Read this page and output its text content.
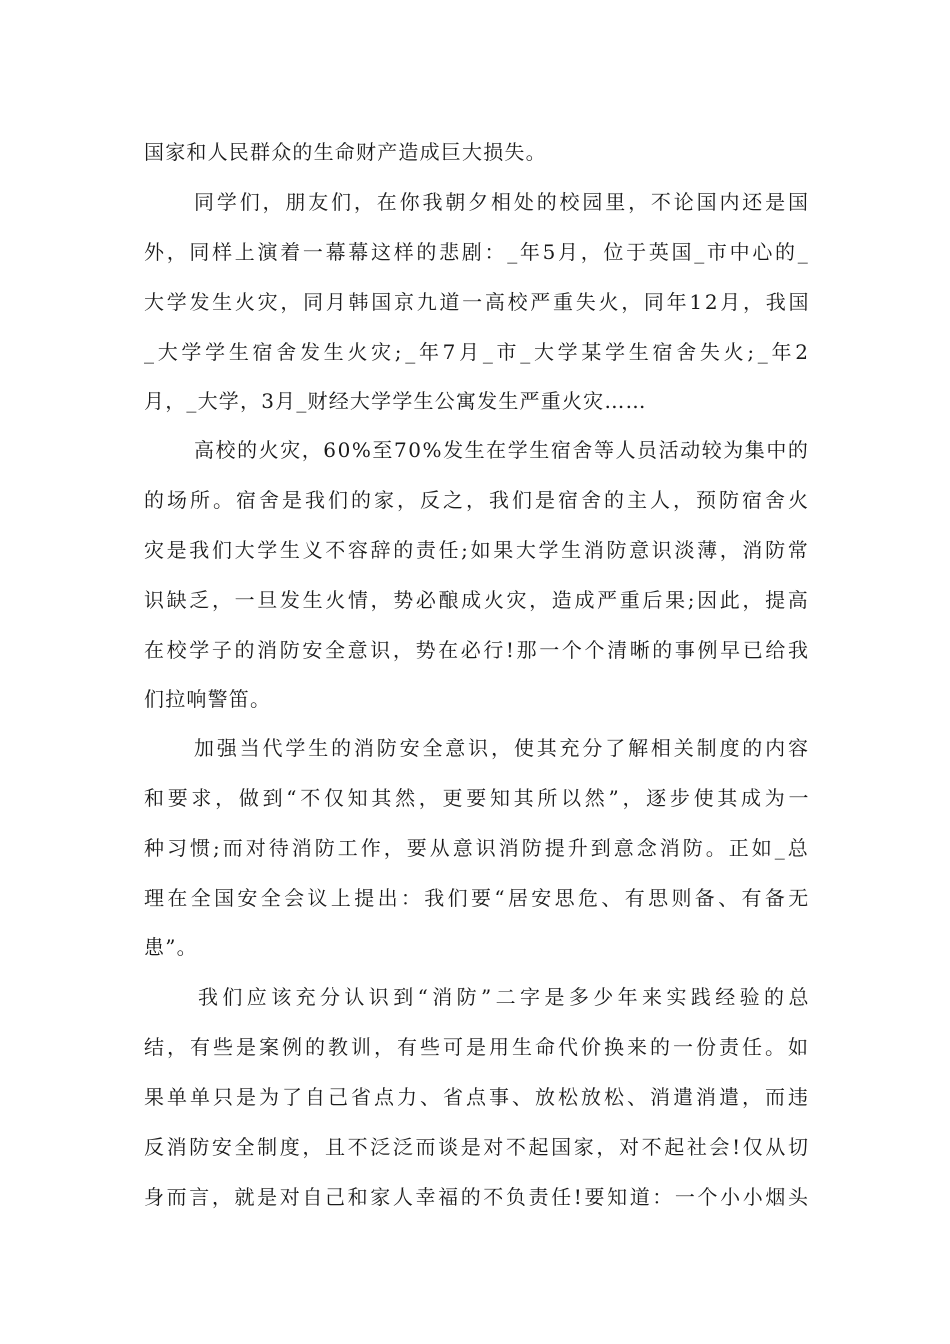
国家和人民群众的生命财产造成巨大损失。
同学们，朋友们，在你我朝夕相处的校园里，不论国内还是国
外，同样上演着一幕幕这样的悲剧：_年5月，位于英国_市中心的_
大学发生火灾，同月韩国京九道一高校严重失火，同年12月，我国
_大学学生宿舍发生火灾;_年7月_市_大学某学生宿舍失火;_年2
月，_大学，3月_财经大学学生公寓发生严重火灾……
高校的火灾，60%至70%发生在学生宿舍等人员活动较为集中的
的场所。宿舍是我们的家，反之，我们是宿舍的主人，预防宿舍火
灾是我们大学生义不容辞的责任;如果大学生消防意识淡薄，消防常
识缺乏，一旦发生火情，势必酿成火灾，造成严重后果;因此，提高
在校学子的消防安全意识，势在必行!那一个个清晰的事例早已给我
们拉响警笛。
加强当代学生的消防安全意识，使其充分了解相关制度的内容
和要求，做到“不仅知其然，更要知其所以然”，逐步使其成为一
种习惯;而对待消防工作，要从意识消防提升到意念消防。正如_总
理在全国安全会议上提出：我们要“居安思危、有思则备、有备无
患”。
我们应该充分认识到“消防”二字是多少年来实践经验的总
结，有些是案例的教训，有些可是用生命代价换来的一份责任。如
果单单只是为了自己省点力、省点事、放松放松、消遣消遣，而违
反消防安全制度，且不泛泛而谈是对不起国家，对不起社会!仅从切
身而言，就是对自己和家人幸福的不负责任!要知道：一个小小烟头
